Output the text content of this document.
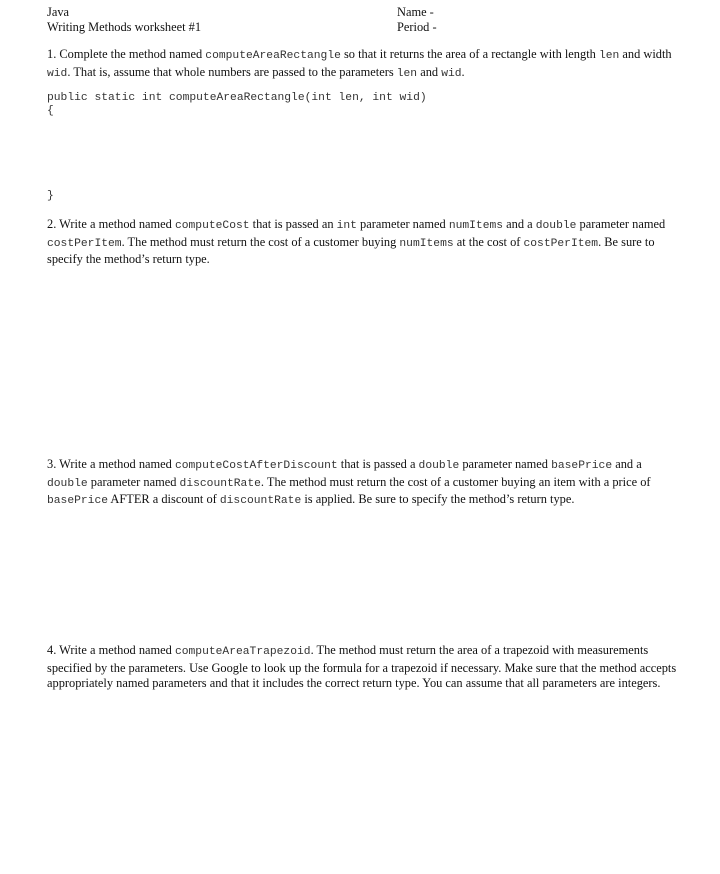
Java
Writing Methods worksheet #1
Name -
Period -
1. Complete the method named computeAreaRectangle so that it returns the area of a rectangle with length len and width wid. That is, assume that whole numbers are passed to the parameters len and wid.
public static int computeAreaRectangle(int len, int wid)
{
}
2. Write a method named computeCost that is passed an int parameter named numItems and a double parameter named costPerItem. The method must return the cost of a customer buying numItems at the cost of costPerItem. Be sure to specify the method’s return type.
3. Write a method named computeCostAfterDiscount that is passed a double parameter named basePrice and a double parameter named discountRate. The method must return the cost of a customer buying an item with a price of basePrice AFTER a discount of discountRate is applied. Be sure to specify the method’s return type.
4. Write a method named computeAreaTrapezoid. The method must return the area of a trapezoid with measurements specified by the parameters. Use Google to look up the formula for a trapezoid if necessary. Make sure that the method accepts appropriately named parameters and that it includes the correct return type. You can assume that all parameters are integers.
